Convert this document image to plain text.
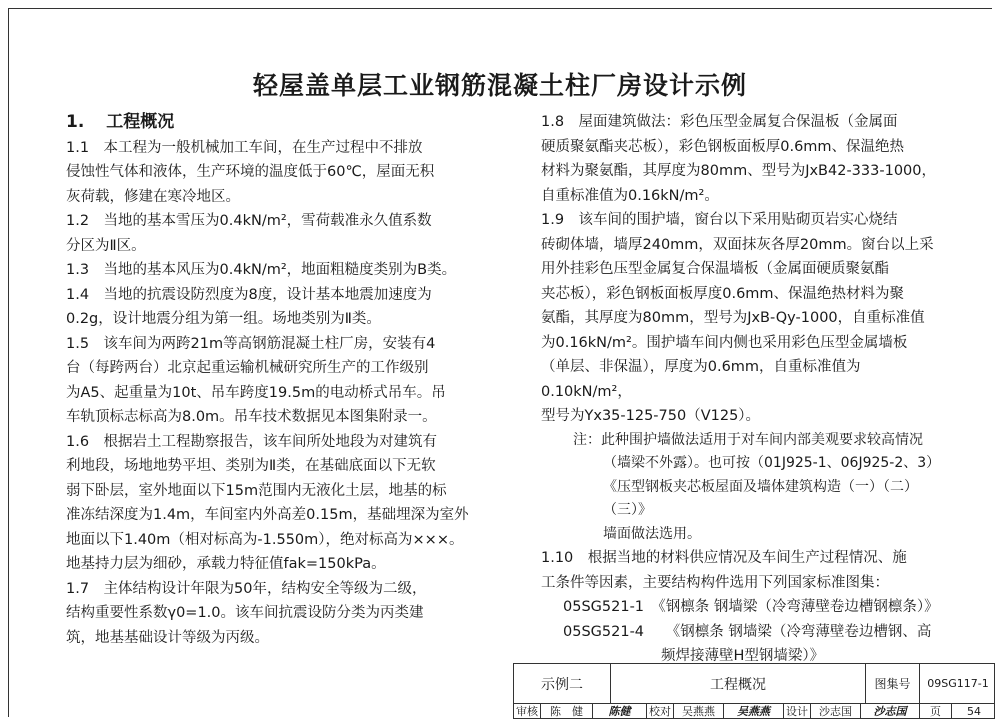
轻屋盖单层工业钢筋混凝土柱厂房设计示例

1. 工程概况

1.1　本工程为一般机械加工车间，在生产过程中不排放

侵蚀性气体和液体，生产环境的温度低于60℃，屋面无积

灰荷载，修建在寒冷地区。

1.2　当地的基本雪压为0.4kN/m²，雪荷载准永久值系数

分区为Ⅱ区。

1.3　当地的基本风压为0.4kN/m²，地面粗糙度类别为B类。

1.4　当地的抗震设防烈度为8度，设计基本地震加速度为

0.2g，设计地震分组为第一组。场地类别为Ⅱ类。

1.5　该车间为两跨21m等高钢筋混凝土柱厂房，安装有4

台（每跨两台）北京起重运输机械研究所生产的工作级别

为A5、起重量为10t、吊车跨度19.5m的电动桥式吊车。吊

车轨顶标志标高为8.0m。吊车技术数据见本图集附录一。

1.6　根据岩土工程勘察报告，该车间所处地段为对建筑有

利地段，场地地势平坦、类别为Ⅱ类，在基础底面以下无软

弱下卧层，室外地面以下15m范围内无液化土层，地基的标

准冻结深度为1.4m，车间室内外高差0.15m，基础埋深为室外

地面以下1.40m（相对标高为-1.550m），绝对标高为×××。

地基持力层为细砂，承载力特征值fak=150kPa。

1.7　主体结构设计年限为50年，结构安全等级为二级，

结构重要性系数γ0=1.0。该车间抗震设防分类为丙类建

筑，地基基础设计等级为丙级。

1.8　屋面建筑做法：彩色压型金属复合保温板（金属面

硬质聚氨酯夹芯板），彩色钢板面板厚0.6mm、保温绝热

材料为聚氨酯，其厚度为80mm、型号为JxB42-333-1000，

自重标准值为0.16kN/m²。

1.9　该车间的围护墙，窗台以下采用贴砌页岩实心烧结

砖砌体墙，墙厚240mm，双面抹灰各厚20mm。窗台以上采

用外挂彩色压型金属复合保温墙板（金属面硬质聚氨酯

夹芯板），彩色钢板面板厚度0.6mm、保温绝热材料为聚

氨酯，其厚度为80mm，型号为JxB-Qy-1000，自重标准值

为0.16kN/m²。围护墙车间内侧也采用彩色压型金属墙板

（单层、非保温），厚度为0.6mm，自重标准值为0.10kN/m²，

型号为Yx35-125-750（V125）。

注：此种围护墙做法适用于对车间内部美观要求较高情况

（墙梁不外露）。也可按（01J925-1、06J925-2、3）

《压型钢板夹芯板屋面及墙体建筑构造（一）（二）（三）》

墙面做法选用。

1.10　根据当地的材料供应情况及车间生产过程情况、施

工条件等因素，主要结构构件选用下列国家标准图集：

05SG521-1　《钢檩条 钢墙梁（冷弯薄壁卷边槽钢檩条）》

05SG521-4　　《钢檩条 钢墙梁（冷弯薄壁卷边槽钢、高

频焊接薄壁H型钢墙梁）》

示例二	工程概况	图集号	09SG117-1
审核	陈　健	陈健	校对	吴燕燕	吴燕燕	设计	沙志国	沙志国	页	54
